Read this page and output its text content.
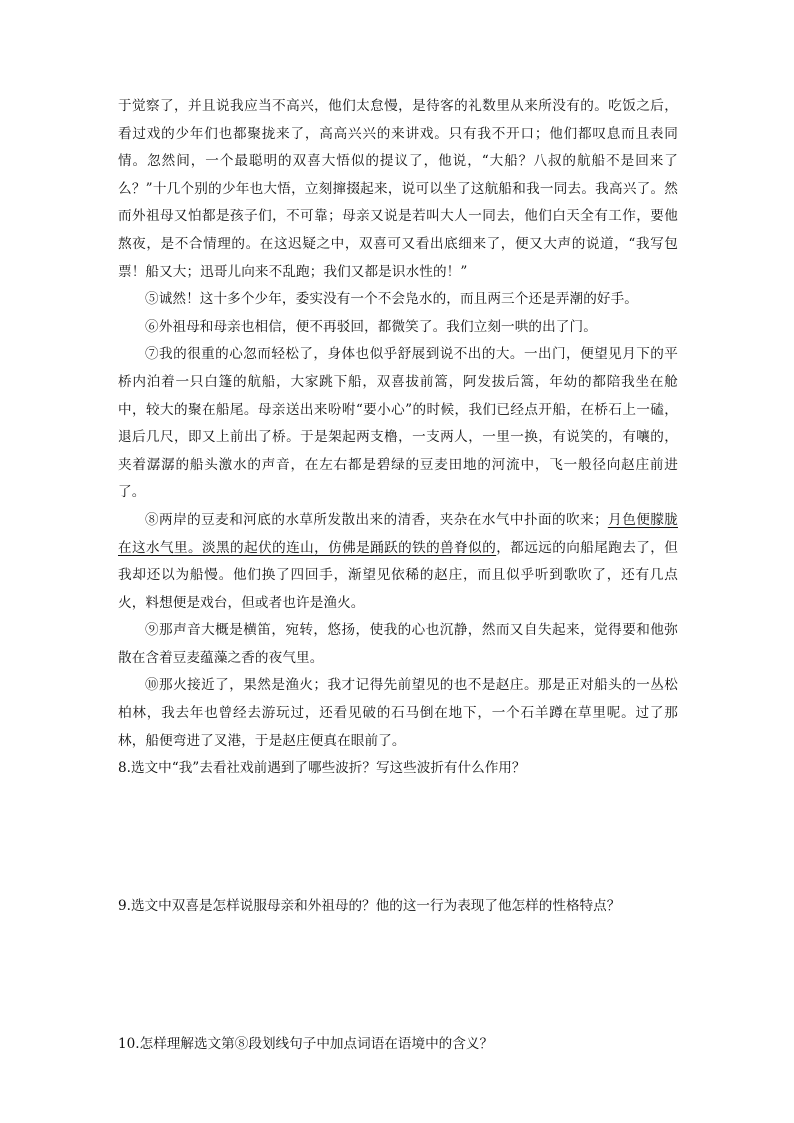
于觉察了，并且说我应当不高兴，他们太怠慢，是待客的礼数里从来所没有的。吃饭之后，看过戏的少年们也都聚拢来了，高高兴兴的来讲戏。只有我不开口；他们都叹息而且表同情。忽然间，一个最聪明的双喜大悟似的提议了，他说，“大船？八叔的航船不是回来了么？”十几个别的少年也大悟，立刻撺掇起来，说可以坐了这航船和我一同去。我高兴了。然而外祖母又怕都是孩子们，不可靠；母亲又说是若叫大人一同去，他们白天全有工作，要他熬夜，是不合情理的。在这迟疑之中，双喜可又看出底细来了，便又大声的说道，“我写包票！船又大；迅哥儿向来不乱跑；我们又都是识水性的！”

⑤诚然！这十多个少年，委实没有一个不会凫水的，而且两三个还是弄潮的好手。

⑥外祖母和母亲也相信，便不再驳回，都微笑了。我们立刻一哄的出了门。

⑦我的很重的心忽而轻松了，身体也似乎舒展到说不出的大。一出门，便望见月下的平桥内泊着一只白篷的航船，大家跳下船，双喜拔前篙，阿发拔后篙，年幼的都陪我坐在舱中，较大的聚在船尾。母亲送出来吩咐“要小心”的时候，我们已经点开船，在桥石上一磕，退后几尺，即又上前出了桥。于是架起两支橹，一支两人，一里一换，有说笑的，有嚷的，夹着潺潺的船头激水的声音，在左右都是碧绿的豆麦田地的河流中，飞一般径向赵庄前进了。

⑧两岸的豆麦和河底的水草所发散出来的清香，夹杂在水气中扑面的吹来；月色便朦胧在这水气里。淡黑的起伏的连山，仿佛是踊跃的铁的兽脊似的，都远远的向船尾跑去了，但我却还以为船慢。他们换了四回手，渐望见依稀的赵庄，而且似乎听到歌吹了，还有几点火，料想便是戏台，但或者也许是渔火。

⑨那声音大概是横笛，宛转，悠扬，使我的心也沉静，然而又自失起来，觉得要和他弥散在含着豆麦蕴藻之香的夜气里。

⑩那火接近了，果然是渔火；我才记得先前望见的也不是赵庄。那是正对船头的一丛松柏林，我去年也曾经去游玩过，还看见破的石马倒在地下，一个石羊蹲在草里呢。过了那林，船便弯进了叉港，于是赵庄便真在眼前了。

8.选文中“我”去看社戏前遇到了哪些波折？写这些波折有什么作用？

9.选文中双喜是怎样说服母亲和外祖母的？他的这一行为表现了他怎样的性格特点？

10.怎样理解选文第⑧段划线句子中加点词语在语境中的含义？
